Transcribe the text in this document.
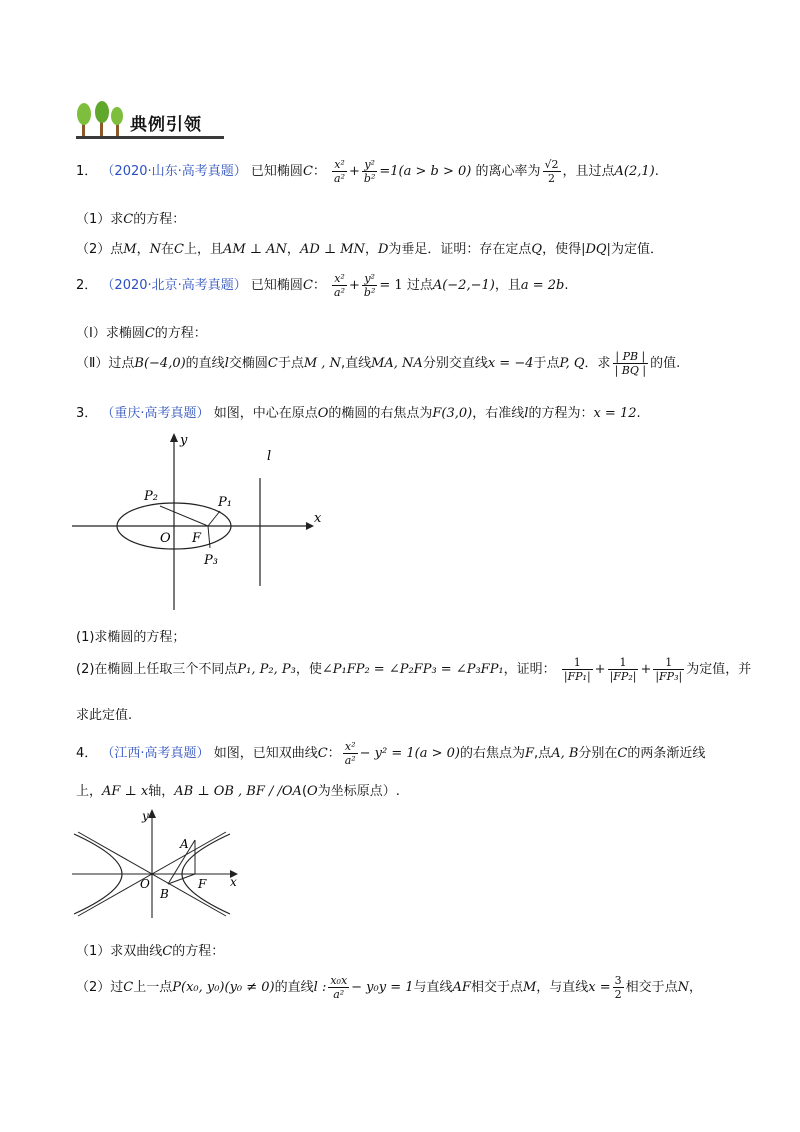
典例引领
1． （2020·山东·高考真题） 已知椭圆C： $\frac{\text{x²}}{\text{a²}} + \frac{\text{y²}}{\text{b²}} =1(a > b > 0)$ 的离心率为 $\frac{√2}{2}$ ，且过点A(2,1).
（1）求C的方程：
（2）点M，N在C上，且AM ⊥ AN，AD ⊥ MN，D为垂足．证明：存在定点Q，使得|DQ|为定值．
2． （2020·北京·高考真题） 已知椭圆C： $\frac{\text{x²}}{\text{a²}} + \frac{\text{y²}}{\text{b²}} = 1$ 过点A(−2,−1)，且a = 2b.
（Ⅰ）求椭圆C的方程：
（Ⅱ）过点B(−4,0)的直线l交椭圆C于点M , N,直线MA, NA分别交直线x = −4于点P, Q．求 $\frac{| PB |}{| BQ |}$ 的值.
3． （重庆·高考真题） 如图，中心在原点O的椭圆的右焦点为F(3,0)，右准线l的方程为：x = 12.
y
x
l
O F
P₁
P₂
P₃
(1)求椭圆的方程；
(2)在椭圆上任取三个不同点P₁, P₂, P₃，使∠P₁FP₂ = ∠P₂FP₃ = ∠P₃FP₁，证明： $\frac{1}{\text{|FP₁|}} + \frac{1}{\text{|FP₂|}} + \frac{1}{\text{|FP₃|}}$ 为定值，并
求此定值.
4． （江西·高考真题） 如图，已知双曲线C： $\frac{\text{x²}}{\text{a²}} - y^2 = 1(a > 0)$的右焦点为F,点A, B分别在C的两条渐近线
上，AF ⊥ x轴，AB ⊥ OB , BF / /OA(O为坐标原点）.
y
x
A
B
O	F
（1）求双曲线C的方程：
（2）过C上一点P(x₀, y₀)(y₀ ≠ 0)的直线l : $\frac{\text{x₀x}}{\text{a²}} - y_0y = 1$与直线AF相交于点M，与直线$x = \frac{3}{2}$ 相交于点N，
